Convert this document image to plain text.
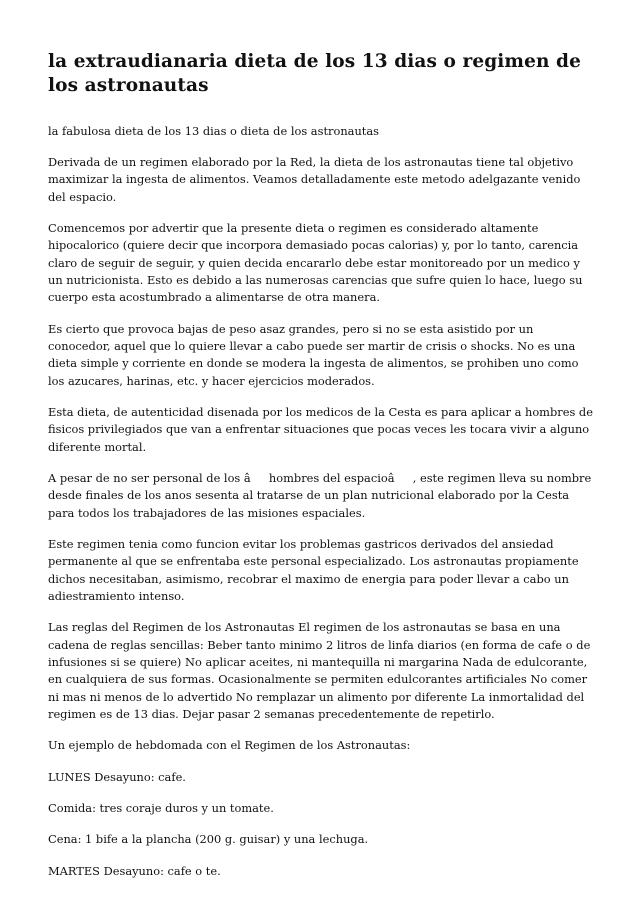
la extraudianaria dieta de los 13 dias o regimen de los astronautas

la fabulosa dieta de los 13 dias o dieta de los astronautas

Derivada de un regimen elaborado por la Red, la dieta de los astronautas tiene tal objetivo maximizar la ingesta de alimentos. Veamos detalladamente este metodo adelgazante venido del espacio.

Comencemos por advertir que la presente dieta o regimen es considerado altamente hipocalorico (quiere decir que incorpora demasiado pocas calorias) y, por lo tanto, carencia claro de seguir de seguir, y quien decida encararlo debe estar monitoreado por un medico y un nutricionista. Esto es debido a las numerosas carencias que sufre quien lo hace, luego su cuerpo esta acostumbrado a alimentarse de otra manera.

Es cierto que provoca bajas de peso asaz grandes, pero si no se esta asistido por un conocedor, aquel que lo quiere llevar a cabo puede ser martir de crisis o shocks. No es una dieta simple y corriente en donde se modera la ingesta de alimentos, se prohiben uno como los azucares, harinas, etc. y hacer ejercicios moderados.

Esta dieta, de autenticidad disenada por los medicos de la Cesta es para aplicar a hombres de fisicos privilegiados que van a enfrentar situaciones que pocas veces les tocara vivir a alguno diferente mortal.

A pesar de no ser personal de los âhombres del espacioâ, este regimen lleva su nombre desde finales de los anos sesenta al tratarse de un plan nutricional elaborado por la Cesta para todos los trabajadores de las misiones espaciales.

Este regimen tenia como funcion evitar los problemas gastricos derivados del ansiedad permanente al que se enfrentaba este personal especializado. Los astronautas propiamente dichos necesitaban, asimismo, recobrar el maximo de energia para poder llevar a cabo un adiestramiento intenso.

Las reglas del Regimen de los Astronautas El regimen de los astronautas se basa en una cadena de reglas sencillas: Beber tanto minimo 2 litros de linfa diarios (en forma de cafe o de infusiones si se quiere) No aplicar aceites, ni mantequilla ni margarina Nada de edulcorante, en cualquiera de sus formas. Ocasionalmente se permiten edulcorantes artificiales No comer ni mas ni menos de lo advertido No remplazar un alimento por diferente La inmortalidad del regimen es de 13 dias. Dejar pasar 2 semanas precedentemente de repetirlo.

Un ejemplo de hebdomada con el Regimen de los Astronautas:

LUNES Desayuno: cafe.

Comida: tres coraje duros y un tomate.

Cena: 1 bife a la plancha (200 g. guisar) y una lechuga.

MARTES Desayuno: cafe o te.
